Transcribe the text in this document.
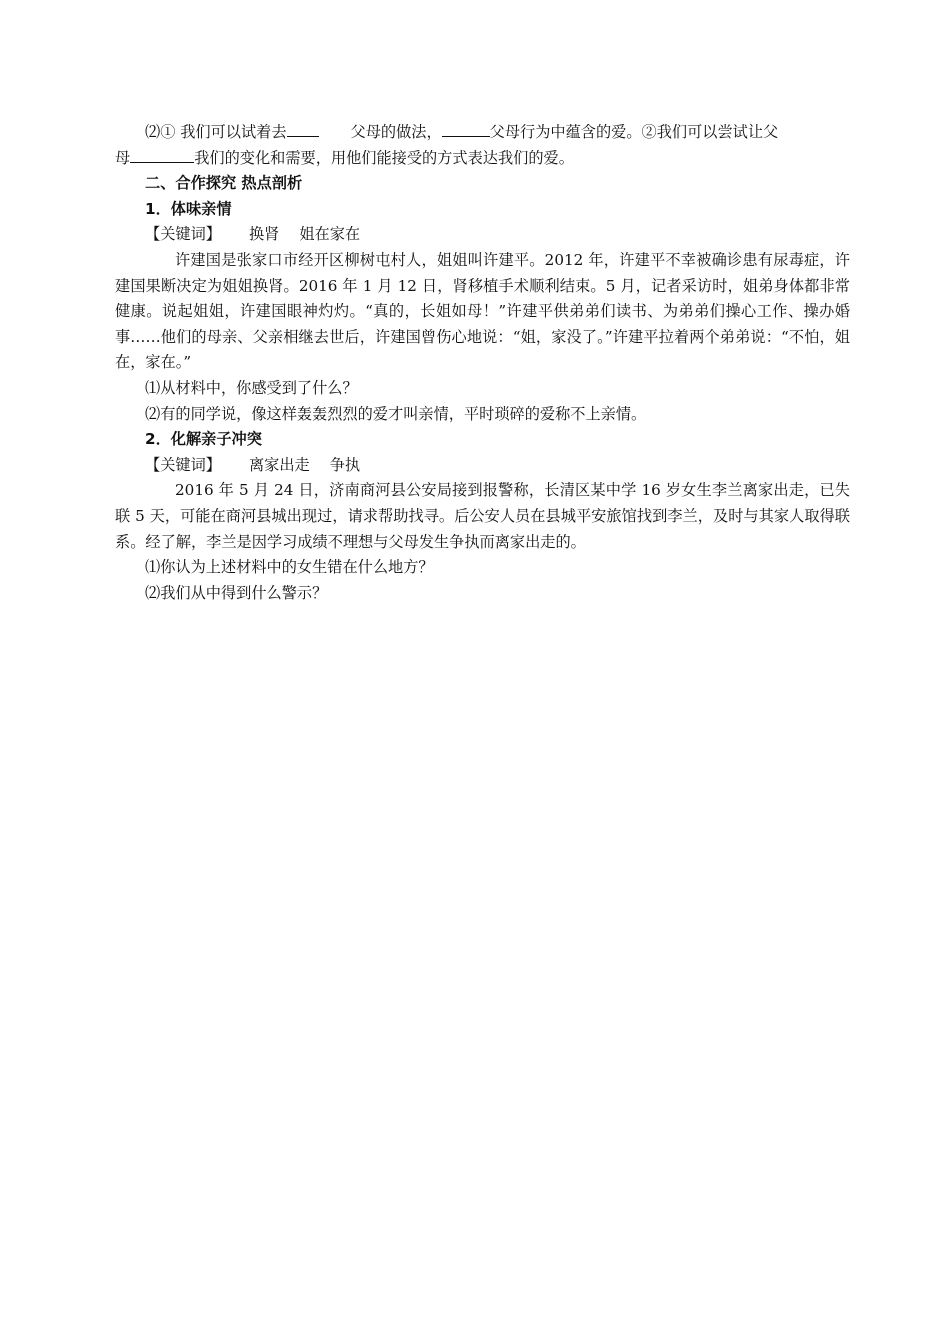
⑵① 我们可以试着去	父母的做法，	父母行为中蕴含的爱。②我们可以尝试让父

母	我们的变化和需要，用他们能接受的方式表达我们的爱。

二、合作探究 热点剖析

1．体味亲情

【关键词】 换肾 姐在家在

许建国是张家口市经开区柳树屯村人，姐姐叫许建平。2012 年，许建平不幸被确诊患有尿毒症，许建国果断决定为姐姐换肾。2016 年 1 月 12 日，肾移植手术顺利结束。5 月，记者采访时，姐弟身体都非常健康。说起姐姐，许建国眼神灼灼。“真的，长姐如母！”许建平供弟弟们读书、为弟弟们操心工作、操办婚事……他们的母亲、父亲相继去世后，许建国曾伤心地说：“姐，家没了。”许建平拉着两个弟弟说：“不怕，姐在，家在。”

⑴从材料中，你感受到了什么？

⑵有的同学说，像这样轰轰烈烈的爱才叫亲情，平时琐碎的爱称不上亲情。

2．化解亲子冲突

【关键词】 离家出走 争执

2016 年 5 月 24 日，济南商河县公安局接到报警称，长清区某中学 16 岁女生李兰离家出走，已失联 5 天，可能在商河县城出现过，请求帮助找寻。后公安人员在县城平安旅馆找到李兰，及时与其家人取得联系。经了解，李兰是因学习成绩不理想与父母发生争执而离家出走的。

⑴你认为上述材料中的女生错在什么地方？

⑵我们从中得到什么警示？
